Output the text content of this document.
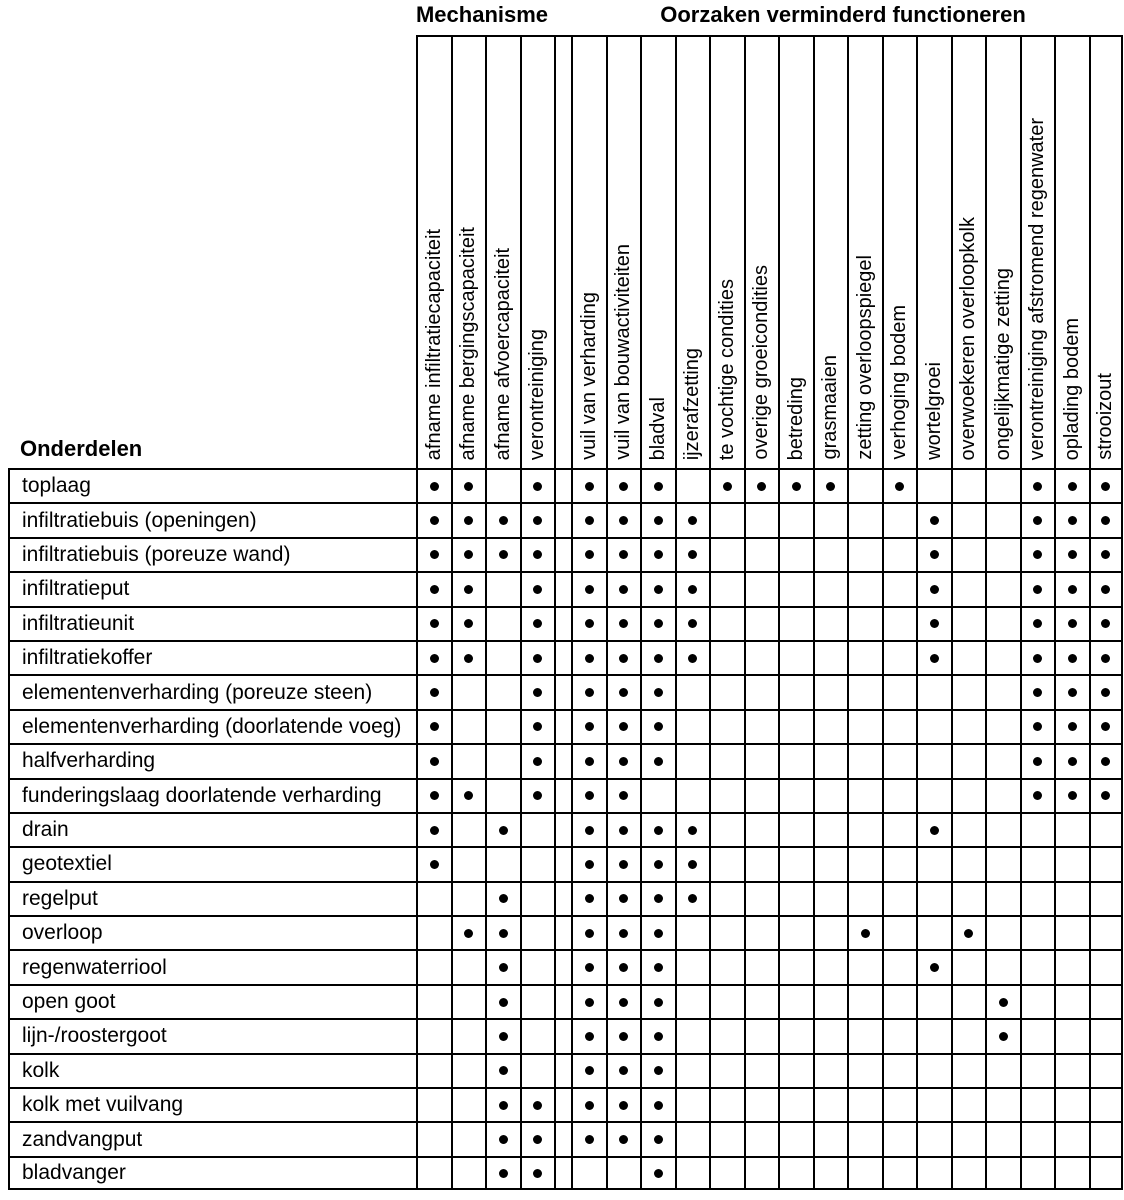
Mechanisme	Oorzaken verminderd functioneren
Onderdelen	afname infiltratiecapaciteit afname bergingscapaciteit afname afvoercapaciteit verontreiniging vuil van verharding vuil van bouwactiviteiten bladval ijzerafzetting te vochtige condities overige groeicondities betreding grasmaaien zetting overloopspiegel verhoging bodem wortelgroei overwoekeren overloopkolk ongelijkmatige zetting verontreiniging afstromend regenwater oplading bodem strooizout
toplaag
infiltratiebuis (openingen)
infiltratiebuis (poreuze wand)
infiltratieput
infiltratieunit
infiltratiekoffer
elementenverharding (poreuze steen)
elementenverharding (doorlatende voeg)
halfverharding
funderingslaag doorlatende verharding
drain
geotextiel
regelput
overloop
regenwaterriool
open goot
lijn-/roostergoot
kolk
kolk met vuilvang
zandvangput
bladvanger
